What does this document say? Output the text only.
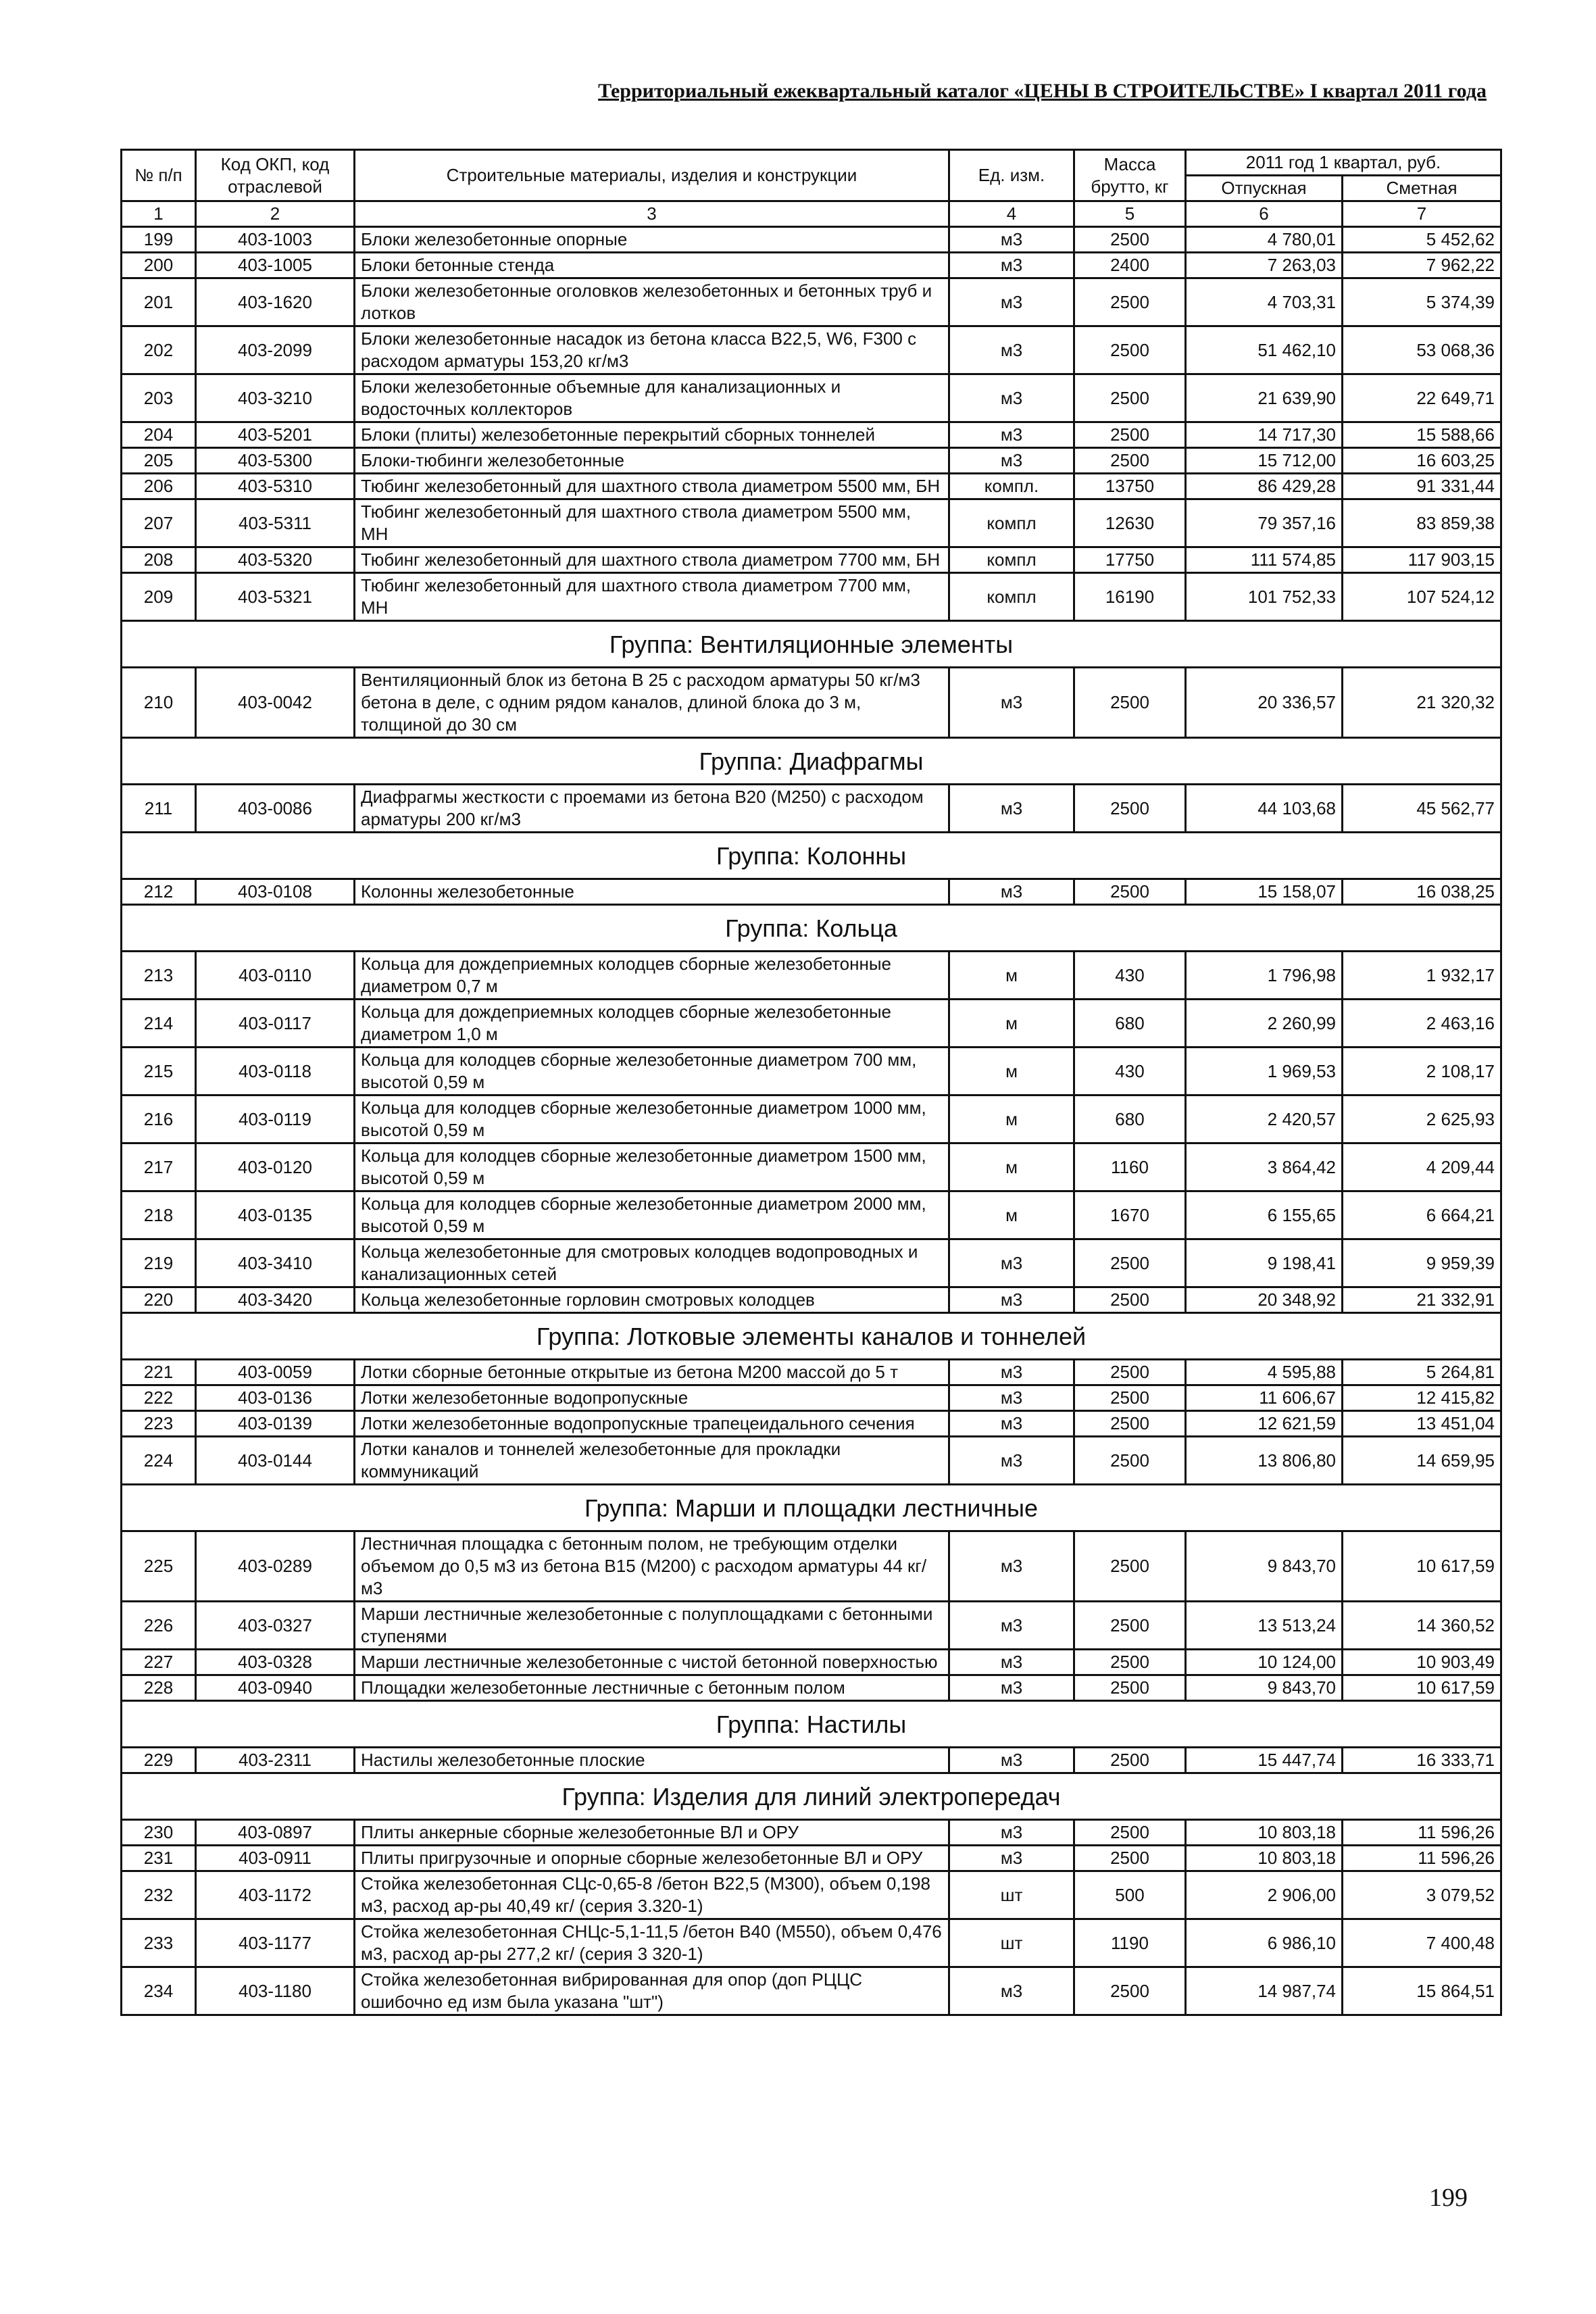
Территориальный ежеквартальный каталог «ЦЕНЫ В СТРОИТЕЛЬСТВЕ» I квартал 2011 года
№ п/п	Код ОКП, код отраслевой	Строительные материалы, изделия и конструкции	Ед. изм.	Масса брутто, кг	2011 год 1 квартал, руб.	
					Отпускная	Сметная
1	2	3	4	5	6	7
199	403-1003	Блоки железобетонные опорные	м3	2500	4 780,01	5 452,62
200	403-1005	Блоки бетонные стенда	м3	2400	7 263,03	7 962,22
201	403-1620	Блоки железобетонные оголовков железобетонных и бетонных труб и лотков	м3	2500	4 703,31	5 374,39
202	403-2099	Блоки железобетонные насадок из бетона класса В22,5, W6, F300 с расходом арматуры 153,20 кг/м3	м3	2500	51 462,10	53 068,36
203	403-3210	Блоки железобетонные объемные для канализационных и водосточных коллекторов	м3	2500	21 639,90	22 649,71
204	403-5201	Блоки (плиты) железобетонные перекрытий сборных тоннелей	м3	2500	14 717,30	15 588,66
205	403-5300	Блоки-тюбинги железобетонные	м3	2500	15 712,00	16 603,25
206	403-5310	Тюбинг железобетонный для шахтного ствола диаметром 5500 мм, БН	компл.	13750	86 429,28	91 331,44
207	403-5311	Тюбинг железобетонный для шахтного ствола диаметром 5500 мм, МН	компл	12630	79 357,16	83 859,38
208	403-5320	Тюбинг железобетонный для шахтного ствола диаметром 7700 мм, БН	компл	17750	111 574,85	117 903,15
209	403-5321	Тюбинг железобетонный для шахтного ствола диаметром 7700 мм, МН	компл	16190	101 752,33	107 524,12
Группа: Вентиляционные элементы						
210	403-0042	Вентиляционный блок из бетона В 25 с расходом арматуры 50 кг/м3 бетона в деле, с одним рядом каналов, длиной блока до 3 м, толщиной до 30 см	м3	2500	20 336,57	21 320,32
Группа: Диафрагмы						
211	403-0086	Диафрагмы жесткости с проемами из бетона В20 (М250) с расходом арматуры 200 кг/м3	м3	2500	44 103,68	45 562,77
Группа: Колонны						
212	403-0108	Колонны железобетонные	м3	2500	15 158,07	16 038,25
Группа: Кольца						
213	403-0110	Кольца для дождеприемных колодцев сборные железобетонные диаметром 0,7 м	м	430	1 796,98	1 932,17
214	403-0117	Кольца для дождеприемных колодцев сборные железобетонные диаметром 1,0 м	м	680	2 260,99	2 463,16
215	403-0118	Кольца для колодцев сборные железобетонные диаметром 700 мм, высотой 0,59 м	м	430	1 969,53	2 108,17
216	403-0119	Кольца для колодцев сборные железобетонные диаметром 1000 мм, высотой 0,59 м	м	680	2 420,57	2 625,93
217	403-0120	Кольца для колодцев сборные железобетонные диаметром 1500 мм, высотой 0,59 м	м	1160	3 864,42	4 209,44
218	403-0135	Кольца для колодцев сборные железобетонные диаметром 2000 мм, высотой 0,59 м	м	1670	6 155,65	6 664,21
219	403-3410	Кольца железобетонные для смотровых колодцев водопроводных и канализационных сетей	м3	2500	9 198,41	9 959,39
220	403-3420	Кольца железобетонные горловин смотровых колодцев	м3	2500	20 348,92	21 332,91
Группа: Лотковые элементы каналов и тоннелей						
221	403-0059	Лотки сборные бетонные открытые из бетона М200 массой до 5 т	м3	2500	4 595,88	5 264,81
222	403-0136	Лотки железобетонные водопропускные	м3	2500	11 606,67	12 415,82
223	403-0139	Лотки железобетонные водопропускные трапецеидального сечения	м3	2500	12 621,59	13 451,04
224	403-0144	Лотки каналов и тоннелей железобетонные для прокладки коммуникаций	м3	2500	13 806,80	14 659,95
Группа: Марши и площадки лестничные						
225	403-0289	Лестничная площадка с бетонным полом, не требующим отделки объемом до 0,5 м3 из бетона В15 (М200) с расходом арматуры 44 кг/м3	м3	2500	9 843,70	10 617,59
226	403-0327	Марши лестничные железобетонные с полуплощадками с бетонными ступенями	м3	2500	13 513,24	14 360,52
227	403-0328	Марши лестничные железобетонные с чистой бетонной поверхностью	м3	2500	10 124,00	10 903,49
228	403-0940	Площадки железобетонные лестничные с бетонным полом	м3	2500	9 843,70	10 617,59
Группа: Настилы						
229	403-2311	Настилы железобетонные плоские	м3	2500	15 447,74	16 333,71
Группа: Изделия для линий электропередач						
230	403-0897	Плиты анкерные сборные железобетонные ВЛ и ОРУ	м3	2500	10 803,18	11 596,26
231	403-0911	Плиты пригрузочные и опорные сборные железобетонные ВЛ и ОРУ	м3	2500	10 803,18	11 596,26
232	403-1172	Стойка железобетонная СЦс-0,65-8 /бетон В22,5 (М300), объем 0,198 м3, расход ар-ры 40,49 кг/ (серия 3.320-1)	шт	500	2 906,00	3 079,52
233	403-1177	Стойка железобетонная СНЦс-5,1-11,5 /бетон В40 (М550), объем 0,476 м3, расход ар-ры 277,2 кг/ (серия 3 320-1)	шт	1190	6 986,10	7 400,48
234	403-1180	Стойка железобетонная вибрированная для опор (доп РЦЦС ошибочно ед изм была указана "шт")	м3	2500	14 987,74	15 864,51
199
